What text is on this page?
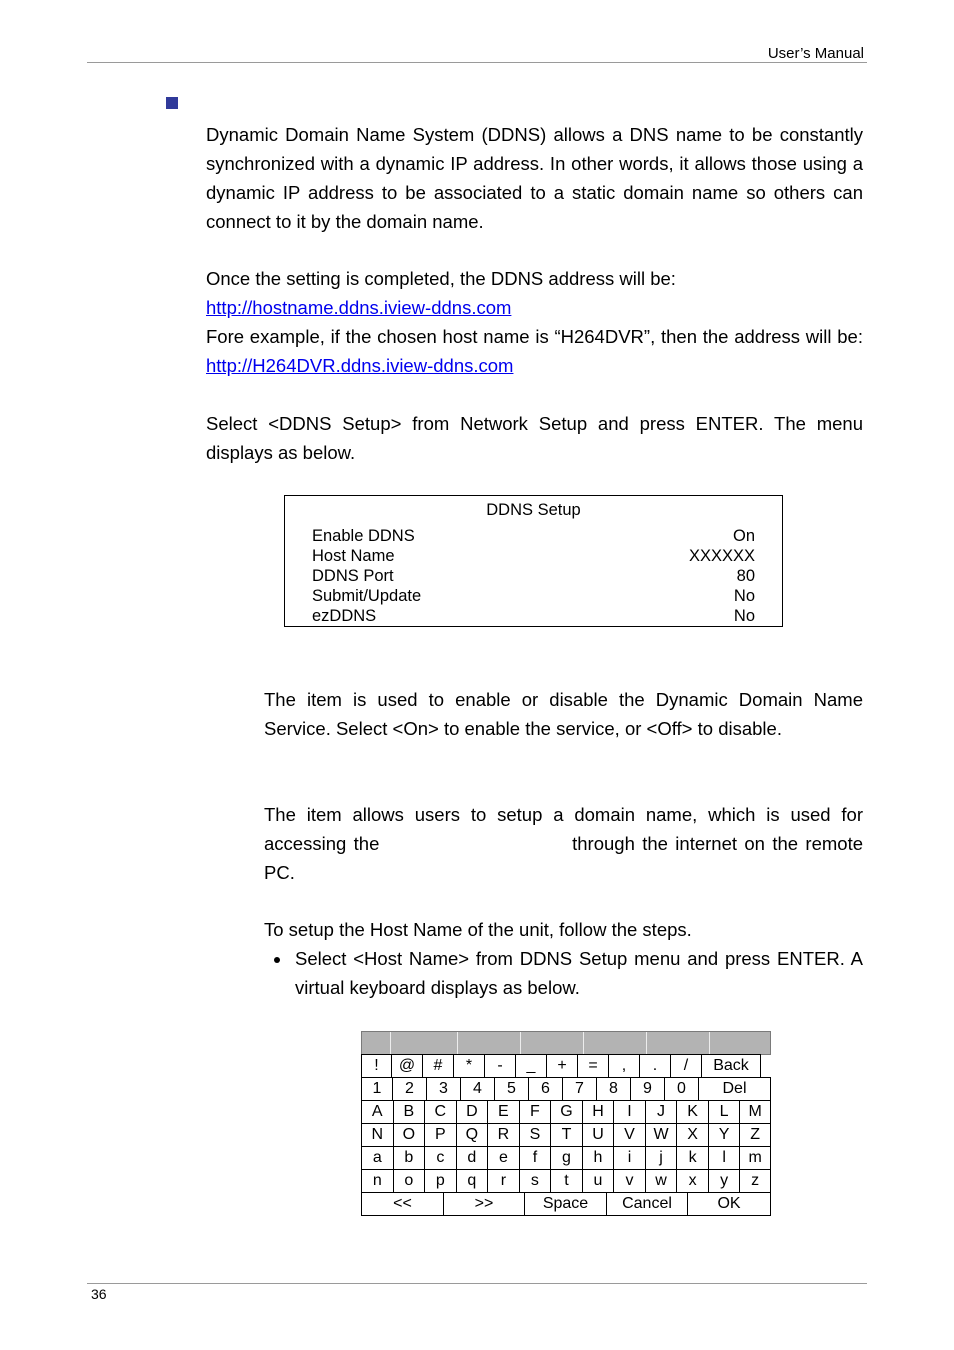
User’s Manual

Dynamic Domain Name System (DDNS) allows a DNS name to be constantly synchronized with a dynamic IP address. In other words, it allows those using a dynamic IP address to be associated to a static domain name so others can connect to it by the domain name.

Once the setting is completed, the DDNS address will be:
http://hostname.ddns.iview-ddns.com
Fore example, if the chosen host name is “H264DVR”, then the address will be: http://H264DVR.ddns.iview-ddns.com

Select <DDNS Setup> from Network Setup and press ENTER. The menu displays as below.

DDNS Setup
Enable DDNS	On
Host Name	XXXXXX
DDNS Port	80
Submit/Update	No
ezDDNS	No

The item is used to enable or disable the Dynamic Domain Name Service. Select <On> to enable the service, or <Off> to disable.

The item allows users to setup a domain name, which is used for accessing the	through the internet on the remote PC.

To setup the Host Name of the unit, follow the steps.

Select <Host Name> from DDNS Setup menu and press ENTER. A virtual keyboard displays as below.

!	@	#	*	-	_	+	=	,	.	/	Back
1	2	3	4	5	6	7	8	9	0	Del
A	B	C	D	E	F	G	H	I	J	K	L	M
N	O	P	Q	R	S	T	U	V	W	X	Y	Z
a	b	c	d	e	f	g	h	i	j	k	l	m
n	o	p	q	r	s	t	u	v	w	x	y	z
<<	>>	Space	Cancel	OK
36
